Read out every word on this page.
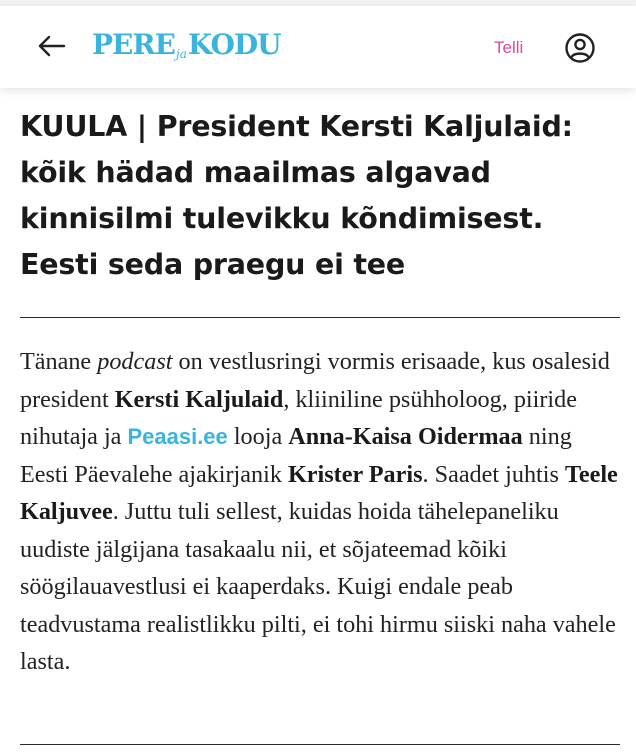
PERE ja KODU	Telli
KUULA | President Kersti Kaljulaid: kõik hädad maailmas algavad kinnisilmi tulevikku kõndimisest. Eesti seda praegu ei tee

Tänane podcast on vestlusringi vormis erisaade, kus osalesid president Kersti Kaljulaid, kliiniline psühholoog, piiride nihutaja ja Peaasi.ee looja Anna-Kaisa Oidermaa ning Eesti Päevalehe ajakirjanik Krister Paris. Saadet juhtis Teele Kaljuvee. Juttu tuli sellest, kuidas hoida tähelepaneliku uudiste jälgijana tasakaalu nii, et sõjateemad kõiki söögilauavestlusi ei kaaperdaks. Kuigi endale peab teadvustama realistlikku pilti, ei tohi hirmu siiski naha vahele lasta.
